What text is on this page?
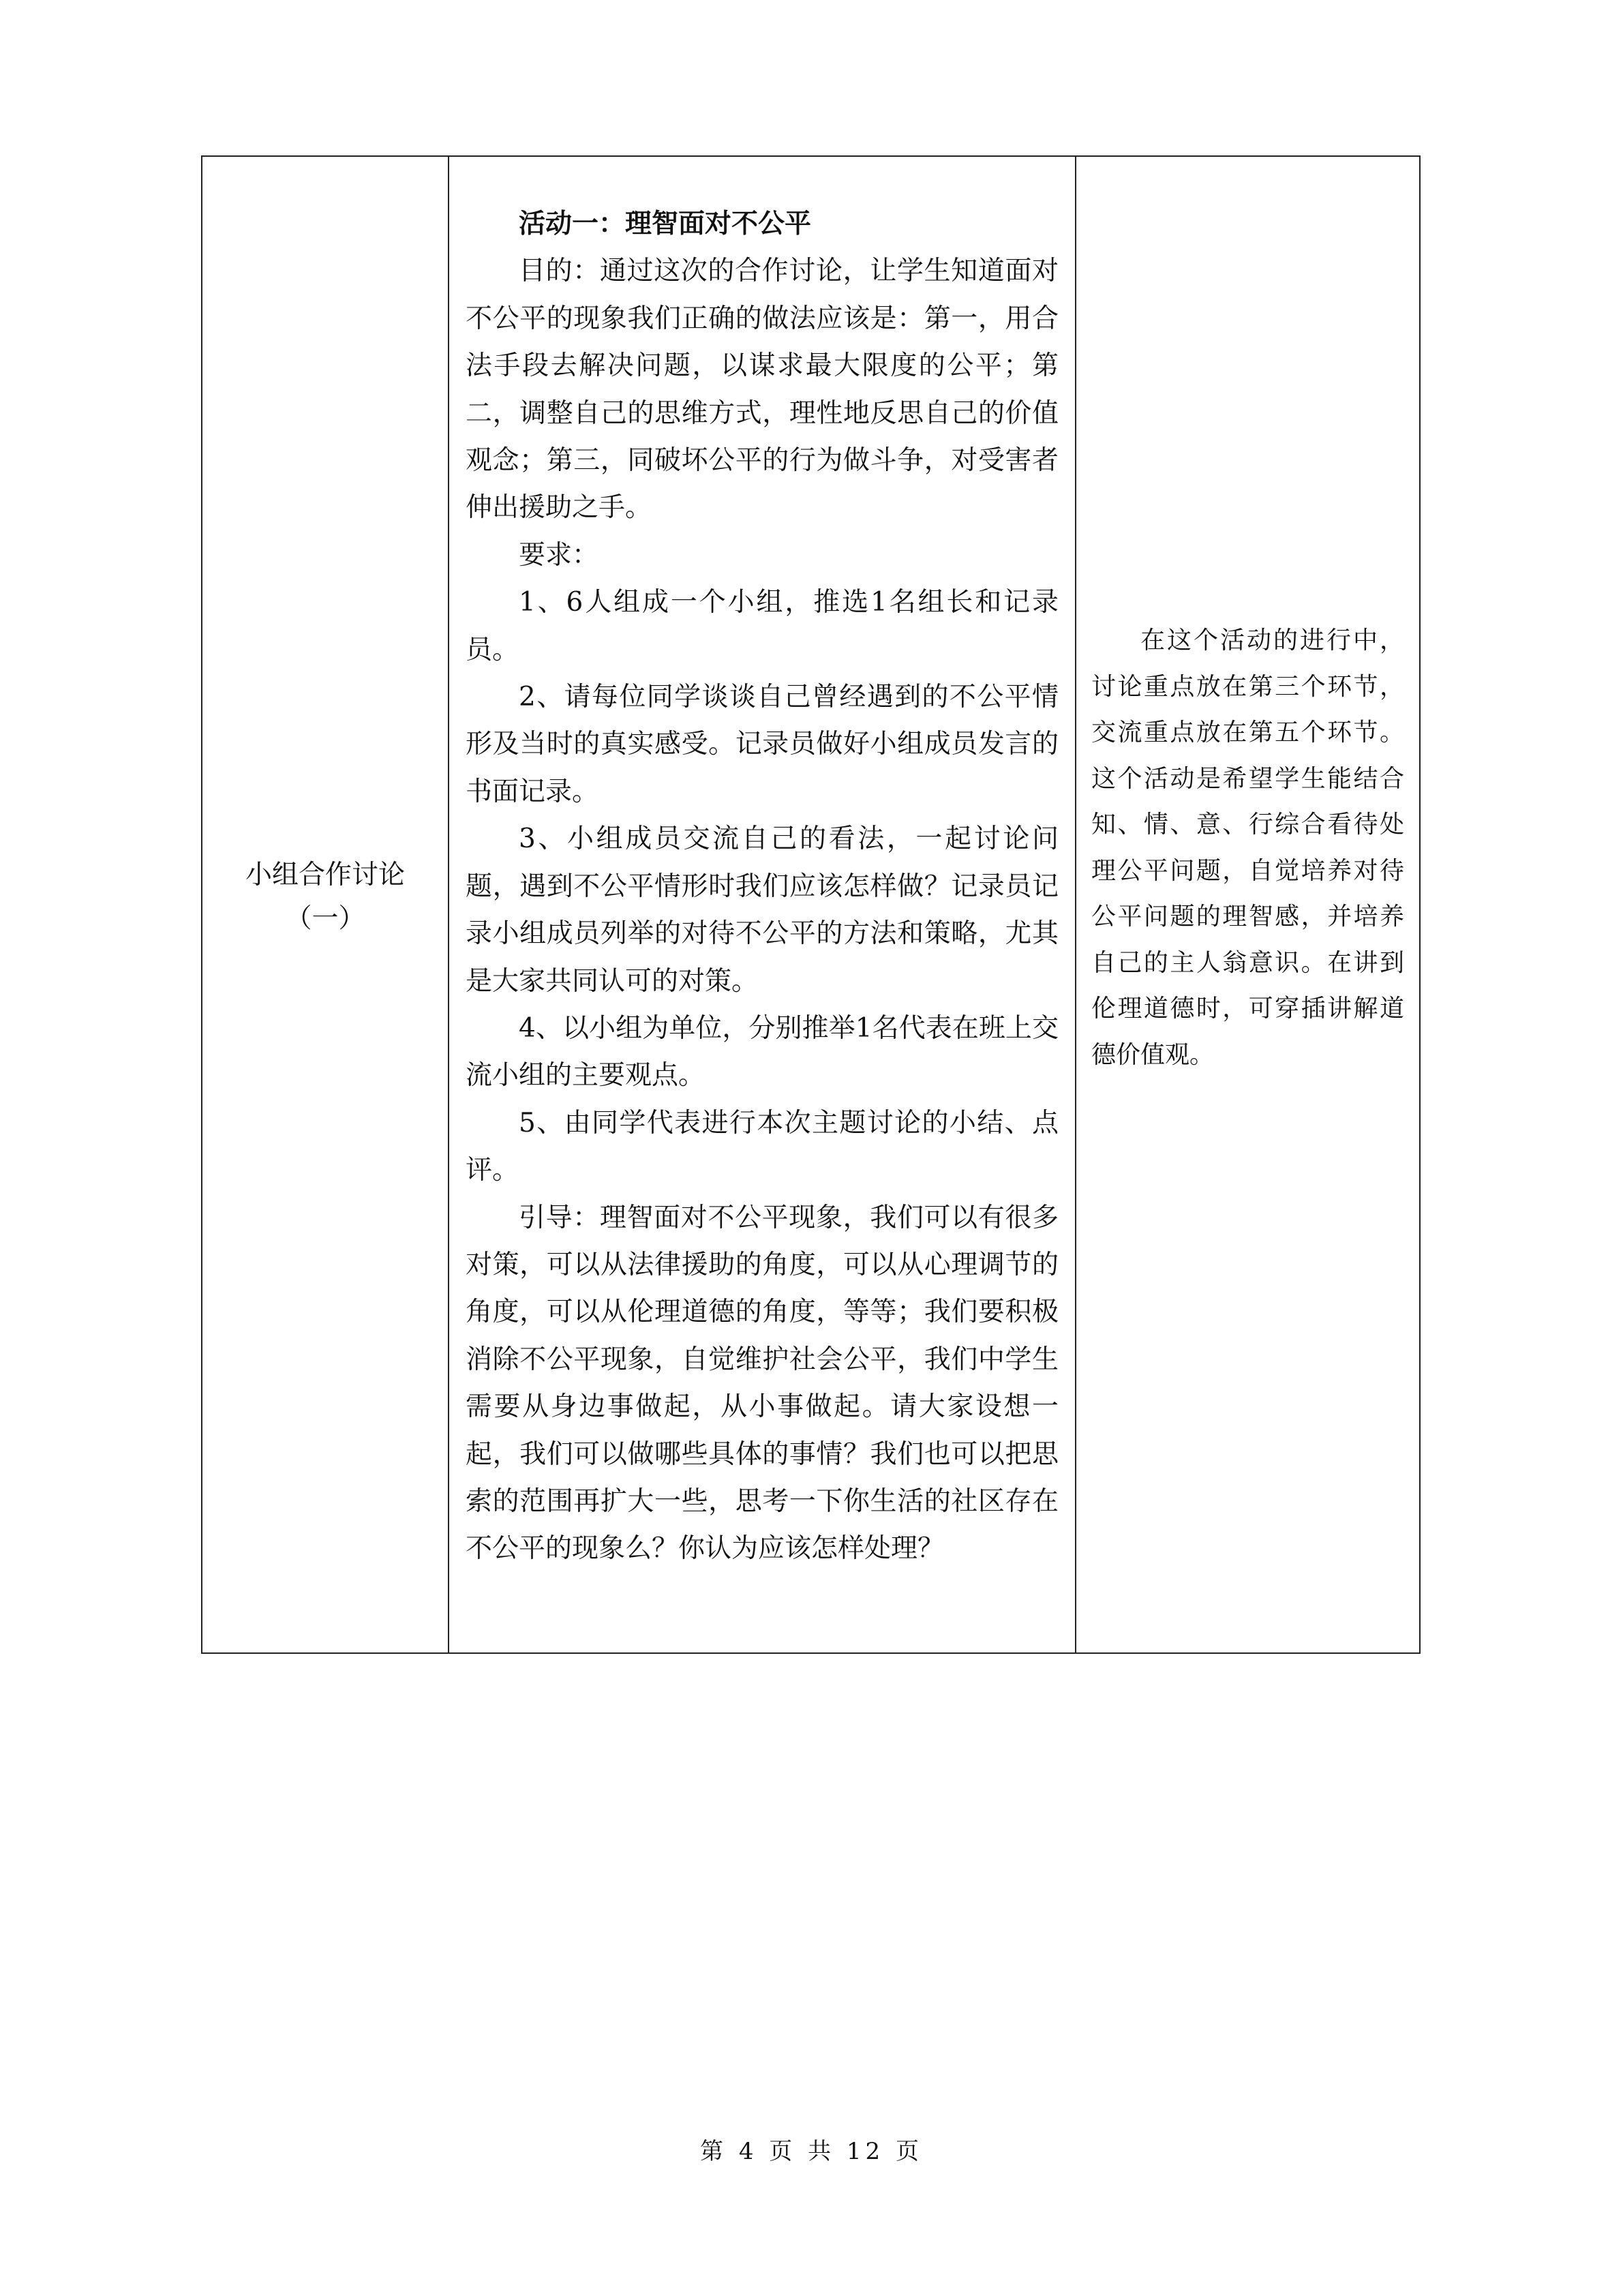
小组合作讨论
（一）

活动一：理智面对不公平

目的：通过这次的合作讨论，让学生知道面对不公平的现象我们正确的做法应该是：第一，用合法手段去解决问题，以谋求最大限度的公平；第二，调整自己的思维方式，理性地反思自己的价值观念；第三，同破坏公平的行为做斗争，对受害者伸出援助之手。

要求：

1、6人组成一个小组，推选1名组长和记录员。

2、请每位同学谈谈自己曾经遇到的不公平情形及当时的真实感受。记录员做好小组成员发言的书面记录。

3、小组成员交流自己的看法，一起讨论问题，遇到不公平情形时我们应该怎样做？记录员记录小组成员列举的对待不公平的方法和策略，尤其是大家共同认可的对策。

4、以小组为单位，分别推举1名代表在班上交流小组的主要观点。

5、由同学代表进行本次主题讨论的小结、点评。

引导：理智面对不公平现象，我们可以有很多对策，可以从法律援助的角度，可以从心理调节的角度，可以从伦理道德的角度，等等；我们要积极消除不公平现象，自觉维护社会公平，我们中学生需要从身边事做起，从小事做起。请大家设想一起，我们可以做哪些具体的事情？我们也可以把思索的范围再扩大一些，思考一下你生活的社区存在不公平的现象么？你认为应该怎样处理？

在这个活动的进行中，讨论重点放在第三个环节，交流重点放在第五个环节。这个活动是希望学生能结合知、情、意、行综合看待处理公平问题，自觉培养对待公平问题的理智感，并培养自己的主人翁意识。在讲到伦理道德时，可穿插讲解道德价值观。

第 4 页 共 12 页
